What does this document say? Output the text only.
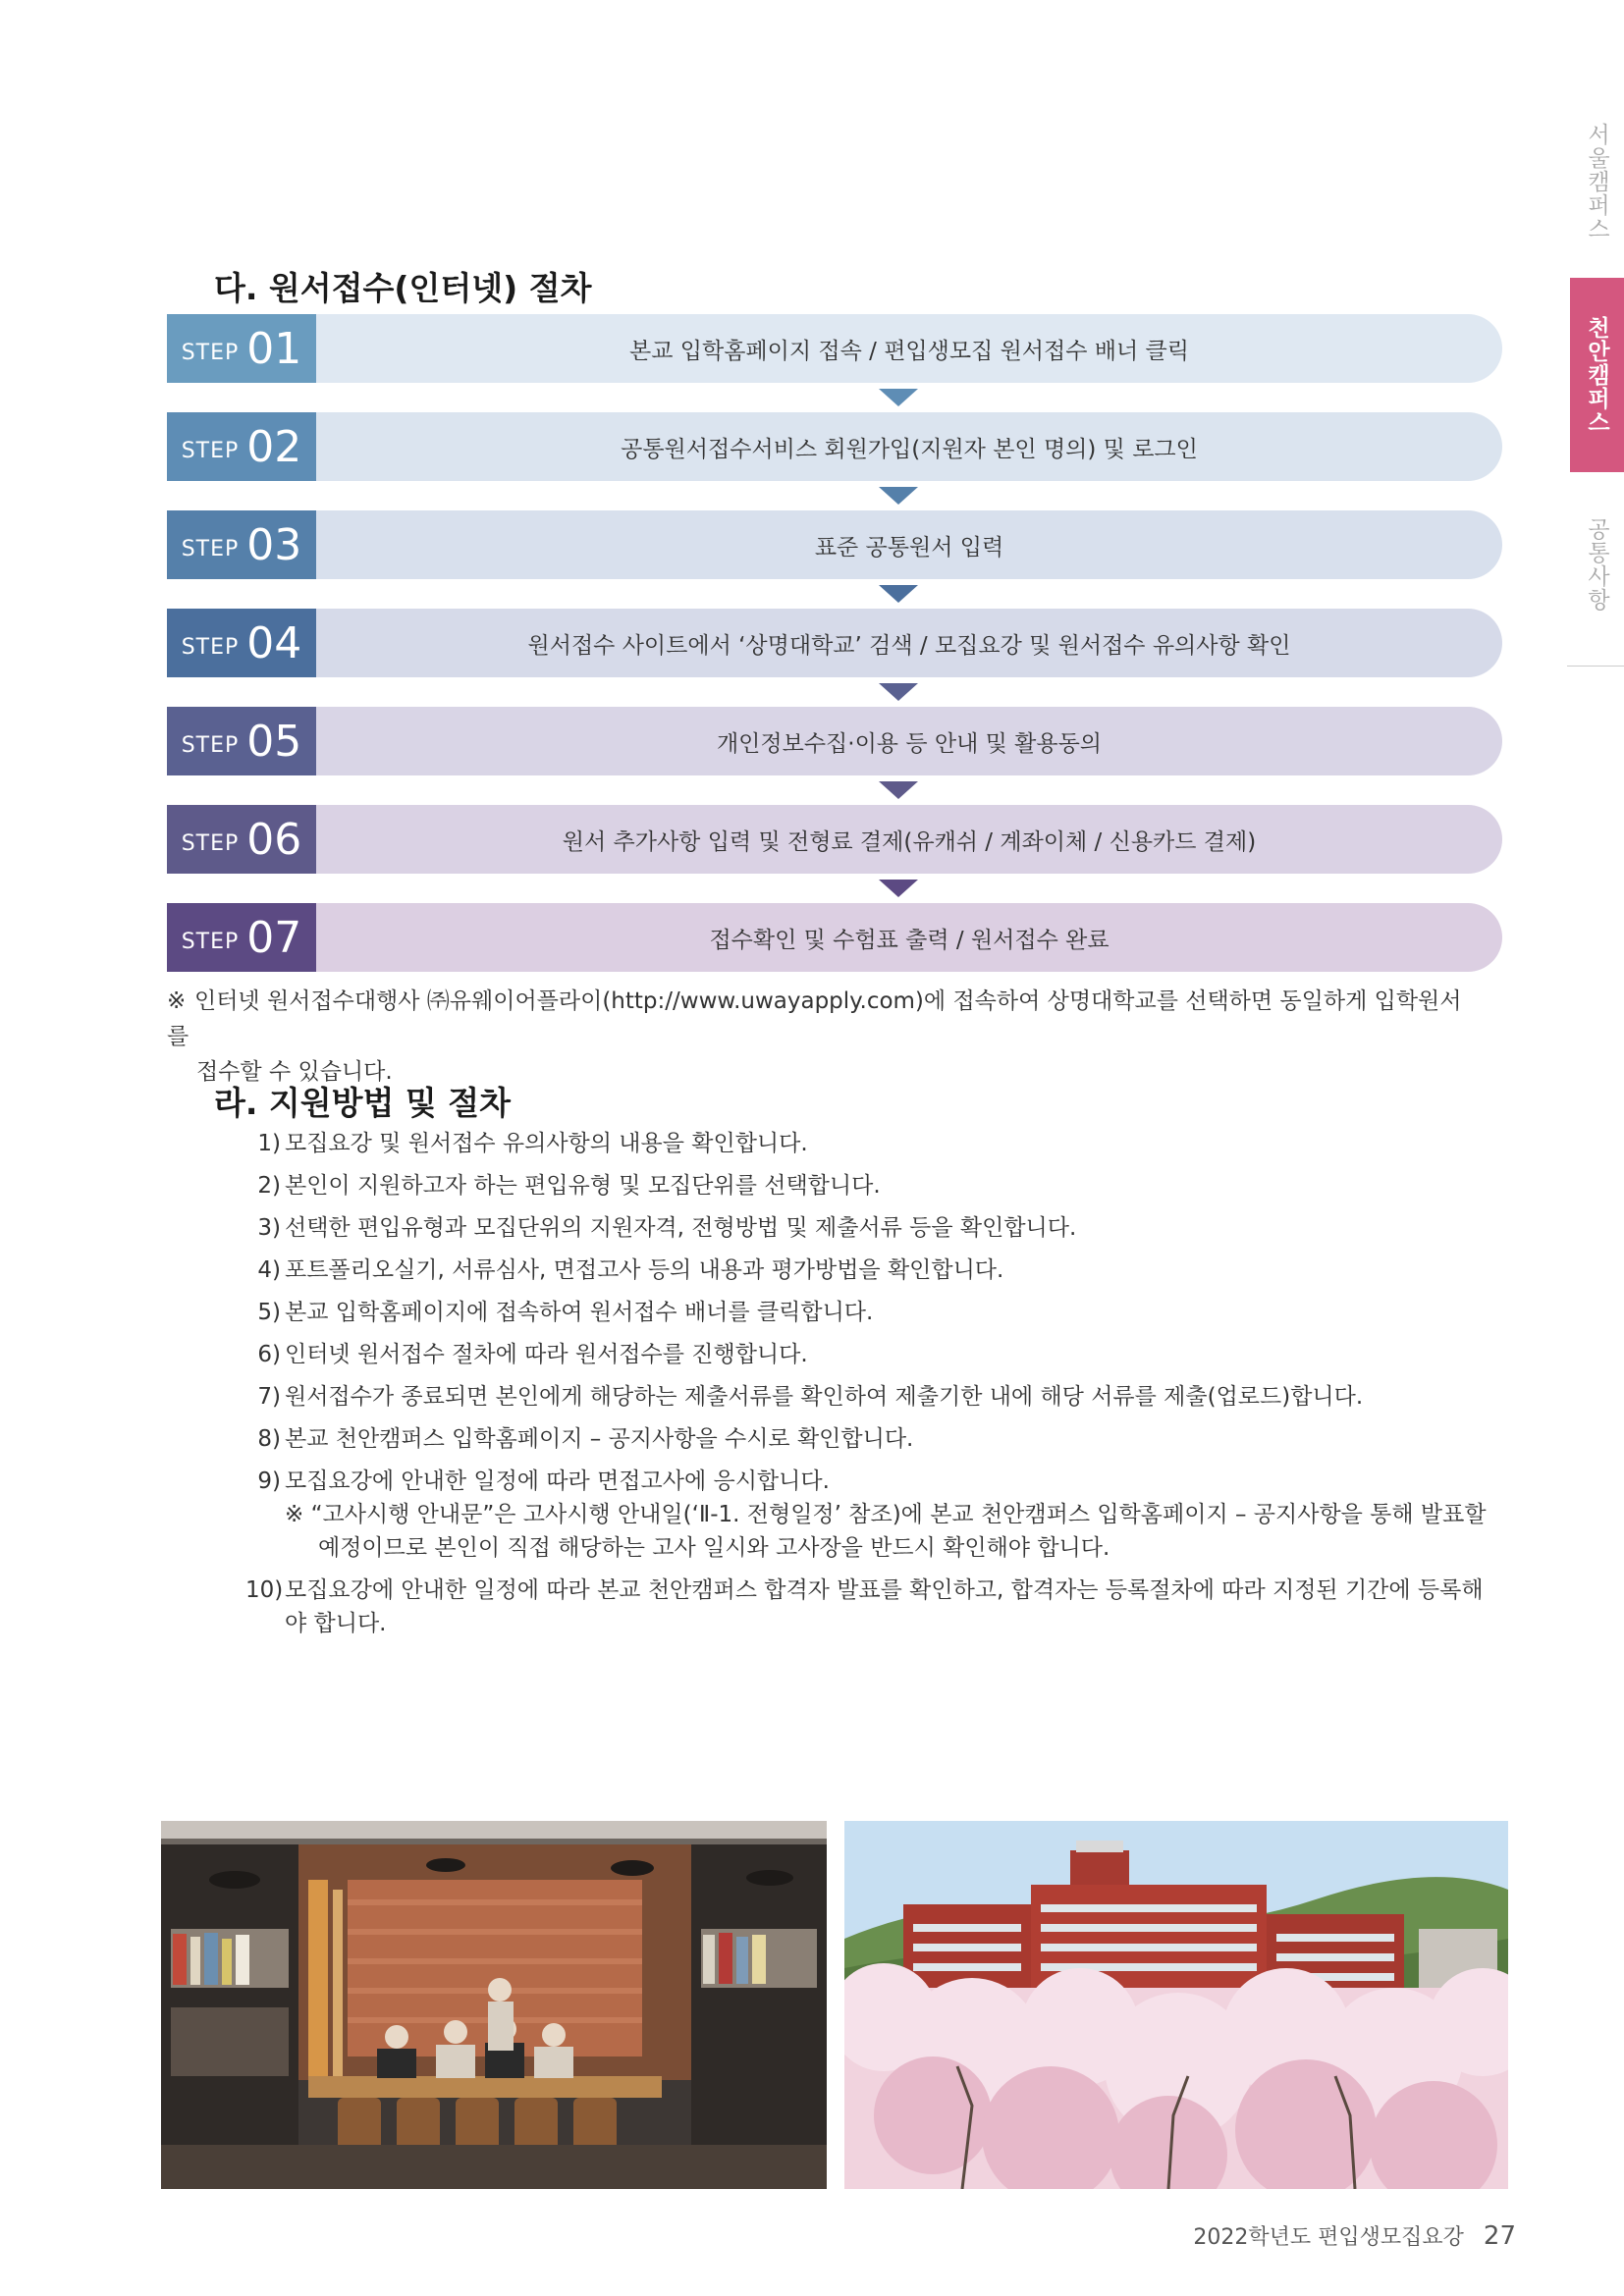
서울캠퍼스
천안캠퍼스
공통사항
다. 원서접수(인터넷) 절차
STEP 01	본교 입학홈페이지 접속 / 편입생모집 원서접수 배너 클릭
STEP 02	공통원서접수서비스 회원가입(지원자 본인 명의) 및 로그인
STEP 03	표준 공통원서 입력
STEP 04	원서접수 사이트에서 ‘상명대학교’ 검색 / 모집요강 및 원서접수 유의사항 확인
STEP 05	개인정보수집·이용 등 안내 및 활용동의
STEP 06	원서 추가사항 입력 및 전형료 결제(유캐쉬 / 계좌이체 / 신용카드 결제)
STEP 07	접수확인 및 수험표 출력 / 원서접수 완료
※ 인터넷 원서접수대행사 ㈜유웨이어플라이(http://www.uwayapply.com)에 접속하여 상명대학교를 선택하면 동일하게 입학원서를
접수할 수 있습니다.
라. 지원방법 및 절차
1) 모집요강 및 원서접수 유의사항의 내용을 확인합니다.
2) 본인이 지원하고자 하는 편입유형 및 모집단위를 선택합니다.
3) 선택한 편입유형과 모집단위의 지원자격, 전형방법 및 제출서류 등을 확인합니다.
4) 포트폴리오실기, 서류심사, 면접고사 등의 내용과 평가방법을 확인합니다.
5) 본교 입학홈페이지에 접속하여 원서접수 배너를 클릭합니다.
6) 인터넷 원서접수 절차에 따라 원서접수를 진행합니다.
7) 원서접수가 종료되면 본인에게 해당하는 제출서류를 확인하여 제출기한 내에 해당 서류를 제출(업로드)합니다.
8) 본교 천안캠퍼스 입학홈페이지 – 공지사항을 수시로 확인합니다.
9) 모집요강에 안내한 일정에 따라 면접고사에 응시합니다.
※ “고사시행 안내문”은 고사시행 안내일(‘Ⅱ-1. 전형일정’ 참조)에 본교 천안캠퍼스 입학홈페이지 – 공지사항을 통해 발표할 예정이므로 본인이 직접 해당하는 고사 일시와 고사장을 반드시 확인해야 합니다.
10) 모집요강에 안내한 일정에 따라 본교 천안캠퍼스 합격자 발표를 확인하고, 합격자는 등록절차에 따라 지정된 기간에 등록해야 합니다.
2022학년도 편입생모집요강 27
